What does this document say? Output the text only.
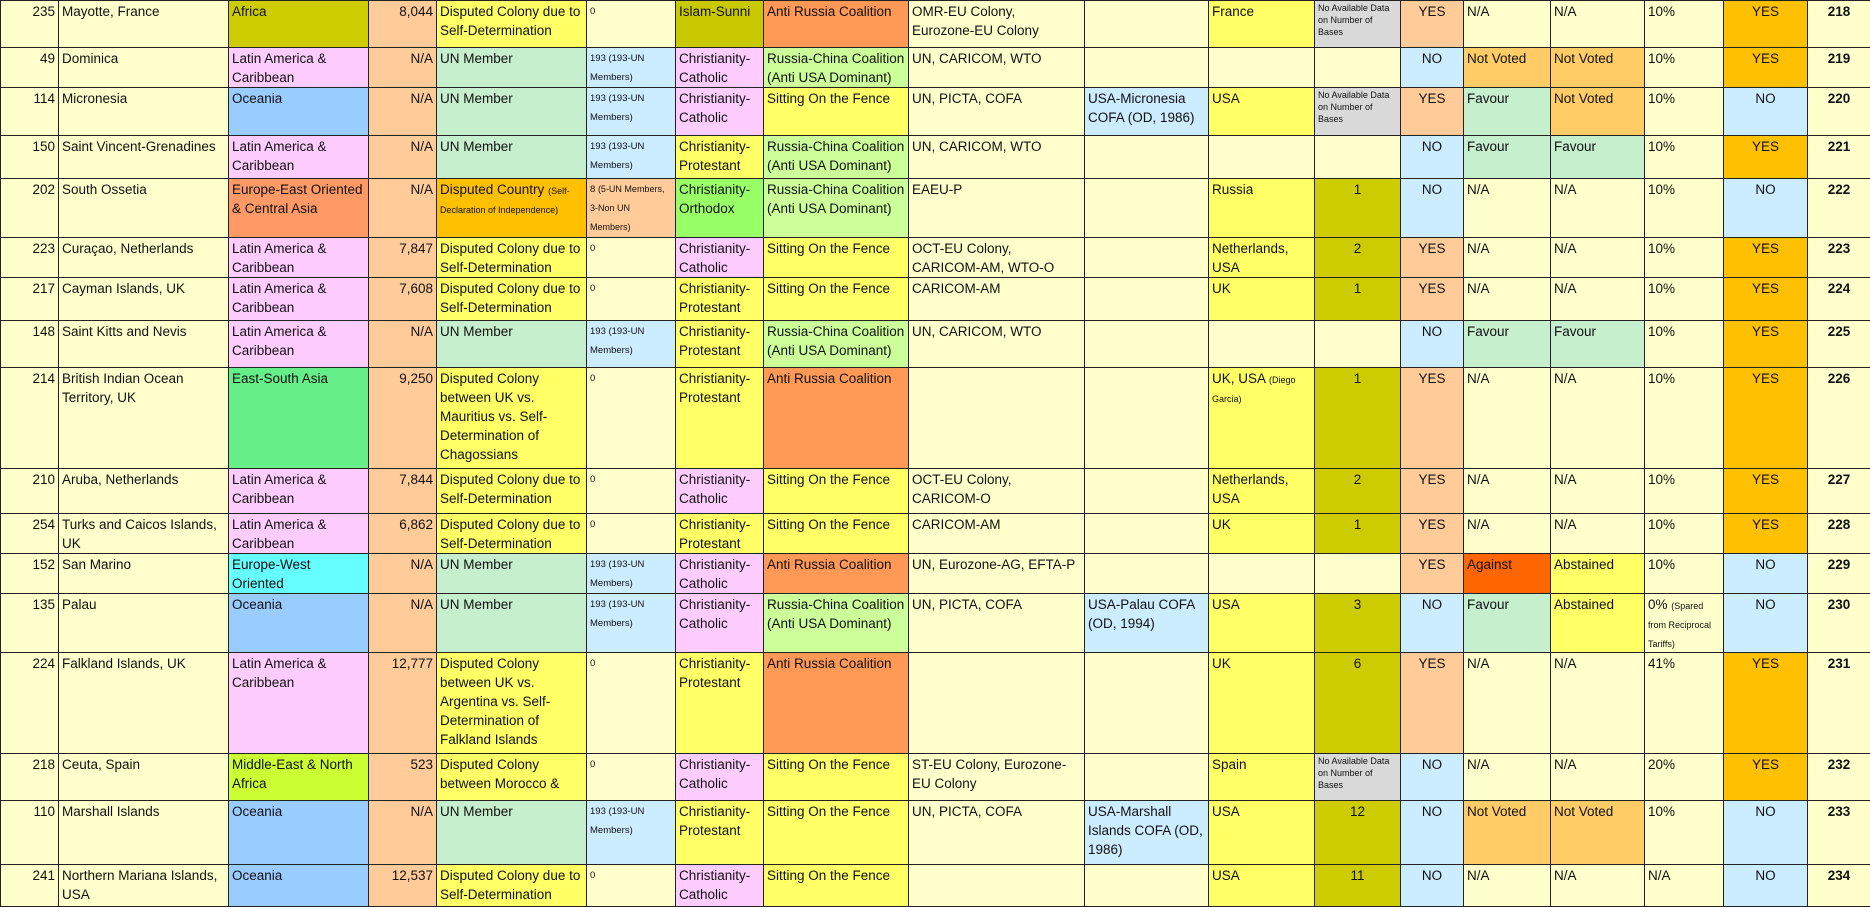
235	Mayotte, France	Africa	8,044	Disputed Colony due to Self-Determination	0	Islam-Sunni	Anti Russia Coalition	OMR-EU Colony, Eurozone-EU Colony		France	No Available Data on Number of Bases	YES	N/A	N/A	10%	YES	218
49	Dominica	Latin America & Caribbean	N/A	UN Member	193 (193-UN Members)	Christianity-Catholic	Russia-China Coalition (Anti USA Dominant)	UN, CARICOM, WTO				NO	Not Voted	Not Voted	10%	YES	219
114	Micronesia	Oceania	N/A	UN Member	193 (193-UN Members)	Christianity-Catholic	Sitting On the Fence	UN, PICTA, COFA	USA-Micronesia COFA (OD, 1986)	USA	No Available Data on Number of Bases	YES	Favour	Not Voted	10%	NO	220
150	Saint Vincent-Grenadines	Latin America & Caribbean	N/A	UN Member	193 (193-UN Members)	Christianity-Protestant	Russia-China Coalition (Anti USA Dominant)	UN, CARICOM, WTO				NO	Favour	Favour	10%	YES	221
202	South Ossetia	Europe-East Oriented & Central Asia	N/A	Disputed Country (Self-Declaration of Independence)	8 (5-UN Members, 3-Non UN Members)	Christianity-Orthodox	Russia-China Coalition (Anti USA Dominant)	EAEU-P		Russia	1	NO	N/A	N/A	10%	NO	222
223	Curaçao, Netherlands	Latin America & Caribbean	7,847	Disputed Colony due to Self-Determination	0	Christianity-Catholic	Sitting On the Fence	OCT-EU Colony, CARICOM-AM, WTO-O		Netherlands, USA	2	YES	N/A	N/A	10%	YES	223
217	Cayman Islands, UK	Latin America & Caribbean	7,608	Disputed Colony due to Self-Determination	0	Christianity-Protestant	Sitting On the Fence	CARICOM-AM		UK	1	YES	N/A	N/A	10%	YES	224
148	Saint Kitts and Nevis	Latin America & Caribbean	N/A	UN Member	193 (193-UN Members)	Christianity-Protestant	Russia-China Coalition (Anti USA Dominant)	UN, CARICOM, WTO				NO	Favour	Favour	10%	YES	225
214	British Indian Ocean Territory, UK	East-South Asia	9,250	Disputed Colony between UK vs. Mauritius vs. Self-Determination of Chagossians	0	Christianity-Protestant	Anti Russia Coalition			UK, USA (Diego Garcia)	1	YES	N/A	N/A	10%	YES	226
210	Aruba, Netherlands	Latin America & Caribbean	7,844	Disputed Colony due to Self-Determination	0	Christianity-Catholic	Sitting On the Fence	OCT-EU Colony, CARICOM-O		Netherlands, USA	2	YES	N/A	N/A	10%	YES	227
254	Turks and Caicos Islands, UK	Latin America & Caribbean	6,862	Disputed Colony due to Self-Determination	0	Christianity-Protestant	Sitting On the Fence	CARICOM-AM		UK	1	YES	N/A	N/A	10%	YES	228
152	San Marino	Europe-West Oriented	N/A	UN Member	193 (193-UN Members)	Christianity-Catholic	Anti Russia Coalition	UN, Eurozone-AG, EFTA-P				YES	Against	Abstained	10%	NO	229
135	Palau	Oceania	N/A	UN Member	193 (193-UN Members)	Christianity-Catholic	Russia-China Coalition (Anti USA Dominant)	UN, PICTA, COFA	USA-Palau COFA (OD, 1994)	USA	3	NO	Favour	Abstained	0% (Spared from Reciprocal Tariffs)	NO	230
224	Falkland Islands, UK	Latin America & Caribbean	12,777	Disputed Colony between UK vs. Argentina vs. Self-Determination of Falkland Islands	0	Christianity-Protestant	Anti Russia Coalition			UK	6	YES	N/A	N/A	41%	YES	231
218	Ceuta, Spain	Middle-East & North Africa	523	Disputed Colony between Morocco &	0	Christianity-Catholic	Sitting On the Fence	ST-EU Colony, Eurozone-EU Colony		Spain	No Available Data on Number of Bases	NO	N/A	N/A	20%	YES	232
110	Marshall Islands	Oceania	N/A	UN Member	193 (193-UN Members)	Christianity-Protestant	Sitting On the Fence	UN, PICTA, COFA	USA-Marshall Islands COFA (OD, 1986)	USA	12	NO	Not Voted	Not Voted	10%	NO	233
241	Northern Mariana Islands, USA	Oceania	12,537	Disputed Colony due to Self-Determination	0	Christianity-Catholic	Sitting On the Fence			USA	11	NO	N/A	N/A	N/A	NO	234
